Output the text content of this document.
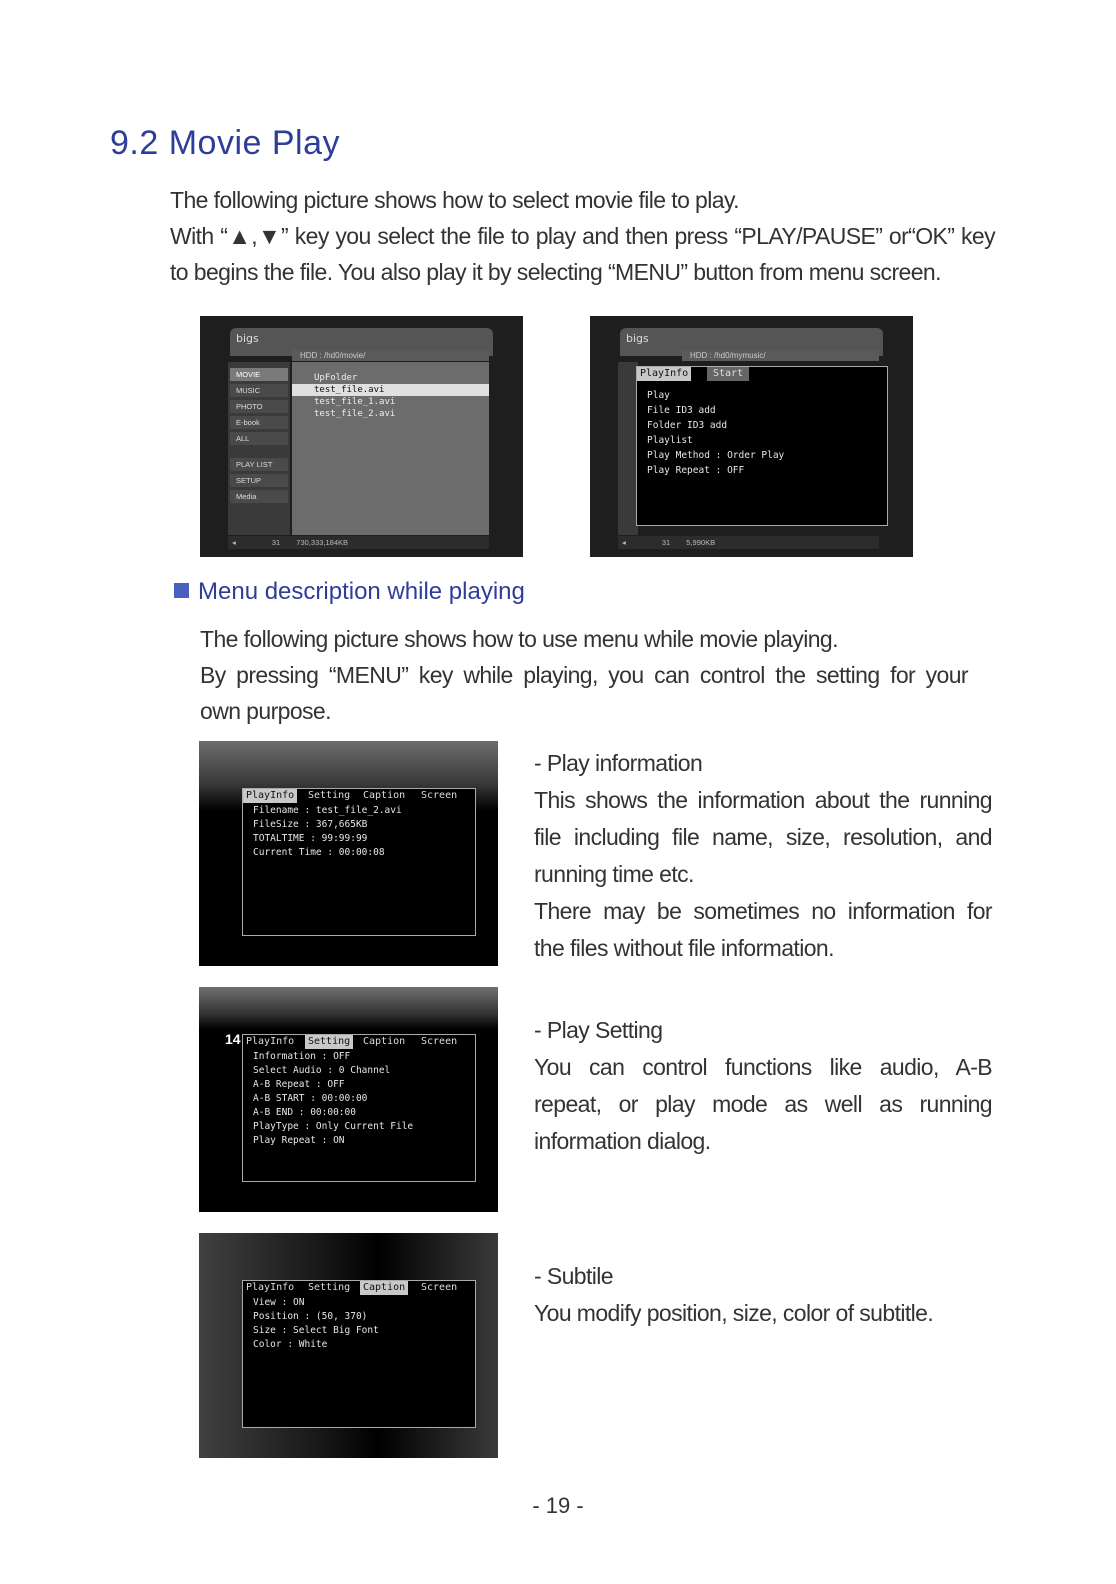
9.2 Movie Play
The following picture shows how to select movie file to play.
With “▲,▼” key you select the file to play and then press “PLAY/PAUSE” or“OK” key
to begins the file. You also play it by selecting “MENU” button from menu screen.
bigs
HDD : /hd0/movie/
MOVIE
MUSIC
PHOTO
E-book
ALL
PLAY LIST
SETUP
Media
UpFolder
test_file.avi
test_file_1.avi
test_file_2.avi
◂	31 730,333,184KB
bigs
HDD : /hd0/mymusic/
◂	31 5,990KB
PlayInfo	Start
Play
File ID3 add
Folder ID3 add
Playlist
Play Method : Order Play
Play Repeat : OFF
Menu description while playing
The following picture shows how to use menu while movie playing.
By pressing “MENU” key while playing, you can control the setting for your
own purpose.
PlayInfo	Setting	Caption	Screen
Filename : test_file_2.avi
FileSize : 367,665KB
TOTALTIME : 99:99:99
Current Time : 00:00:08
14 PlayInfo	Setting	Caption	Screen
Information : OFF
Select Audio : 0 Channel
A-B Repeat : OFF
A-B START : 00:00:00
A-B END : 00:00:00
PlayType : Only Current File
Play Repeat : ON
PlayInfo	Setting	Caption	Screen
View : ON
Position : (50, 370)
Size : Select Big Font
Color : White
- Play information
This shows the information about the running
file including file name, size, resolution, and
running time etc.
There may be sometimes no information for
the files without file information.
- Play Setting
You can control functions like audio, A-B
repeat, or play mode as well as running
information dialog.
- Subtile
You modify position, size, color of subtitle.
- 19 -
